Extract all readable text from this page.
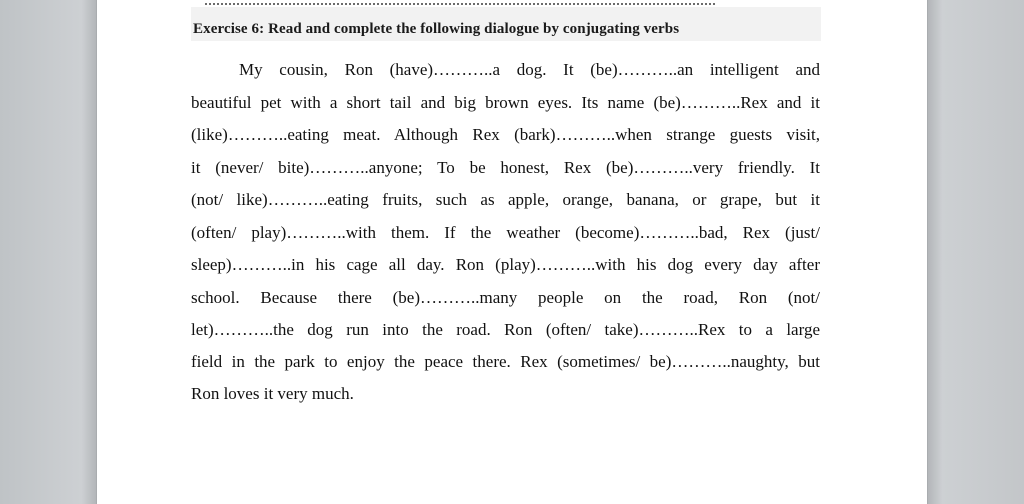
Exercise 6: Read and complete the following dialogue by conjugating verbs
My cousin, Ron (have)………..a dog. It (be)………..an intelligent and
beautiful pet with a short tail and big brown eyes. Its name (be)………..Rex and it
(like)………..eating meat. Although Rex (bark)………..when strange guests visit,
it (never/ bite)………..anyone; To be honest, Rex (be)………..very friendly. It
(not/ like)………..eating fruits, such as apple, orange, banana, or grape, but it
(often/ play)………..with them. If the weather (become)………..bad, Rex (just/
sleep)………..in his cage all day. Ron (play)………..with his dog every day after
school. Because there (be)………..many people on the road, Ron (not/
let)………..the dog run into the road. Ron (often/ take)………..Rex to a large
field in the park to enjoy the peace there. Rex (sometimes/ be)………..naughty, but
Ron loves it very much.
